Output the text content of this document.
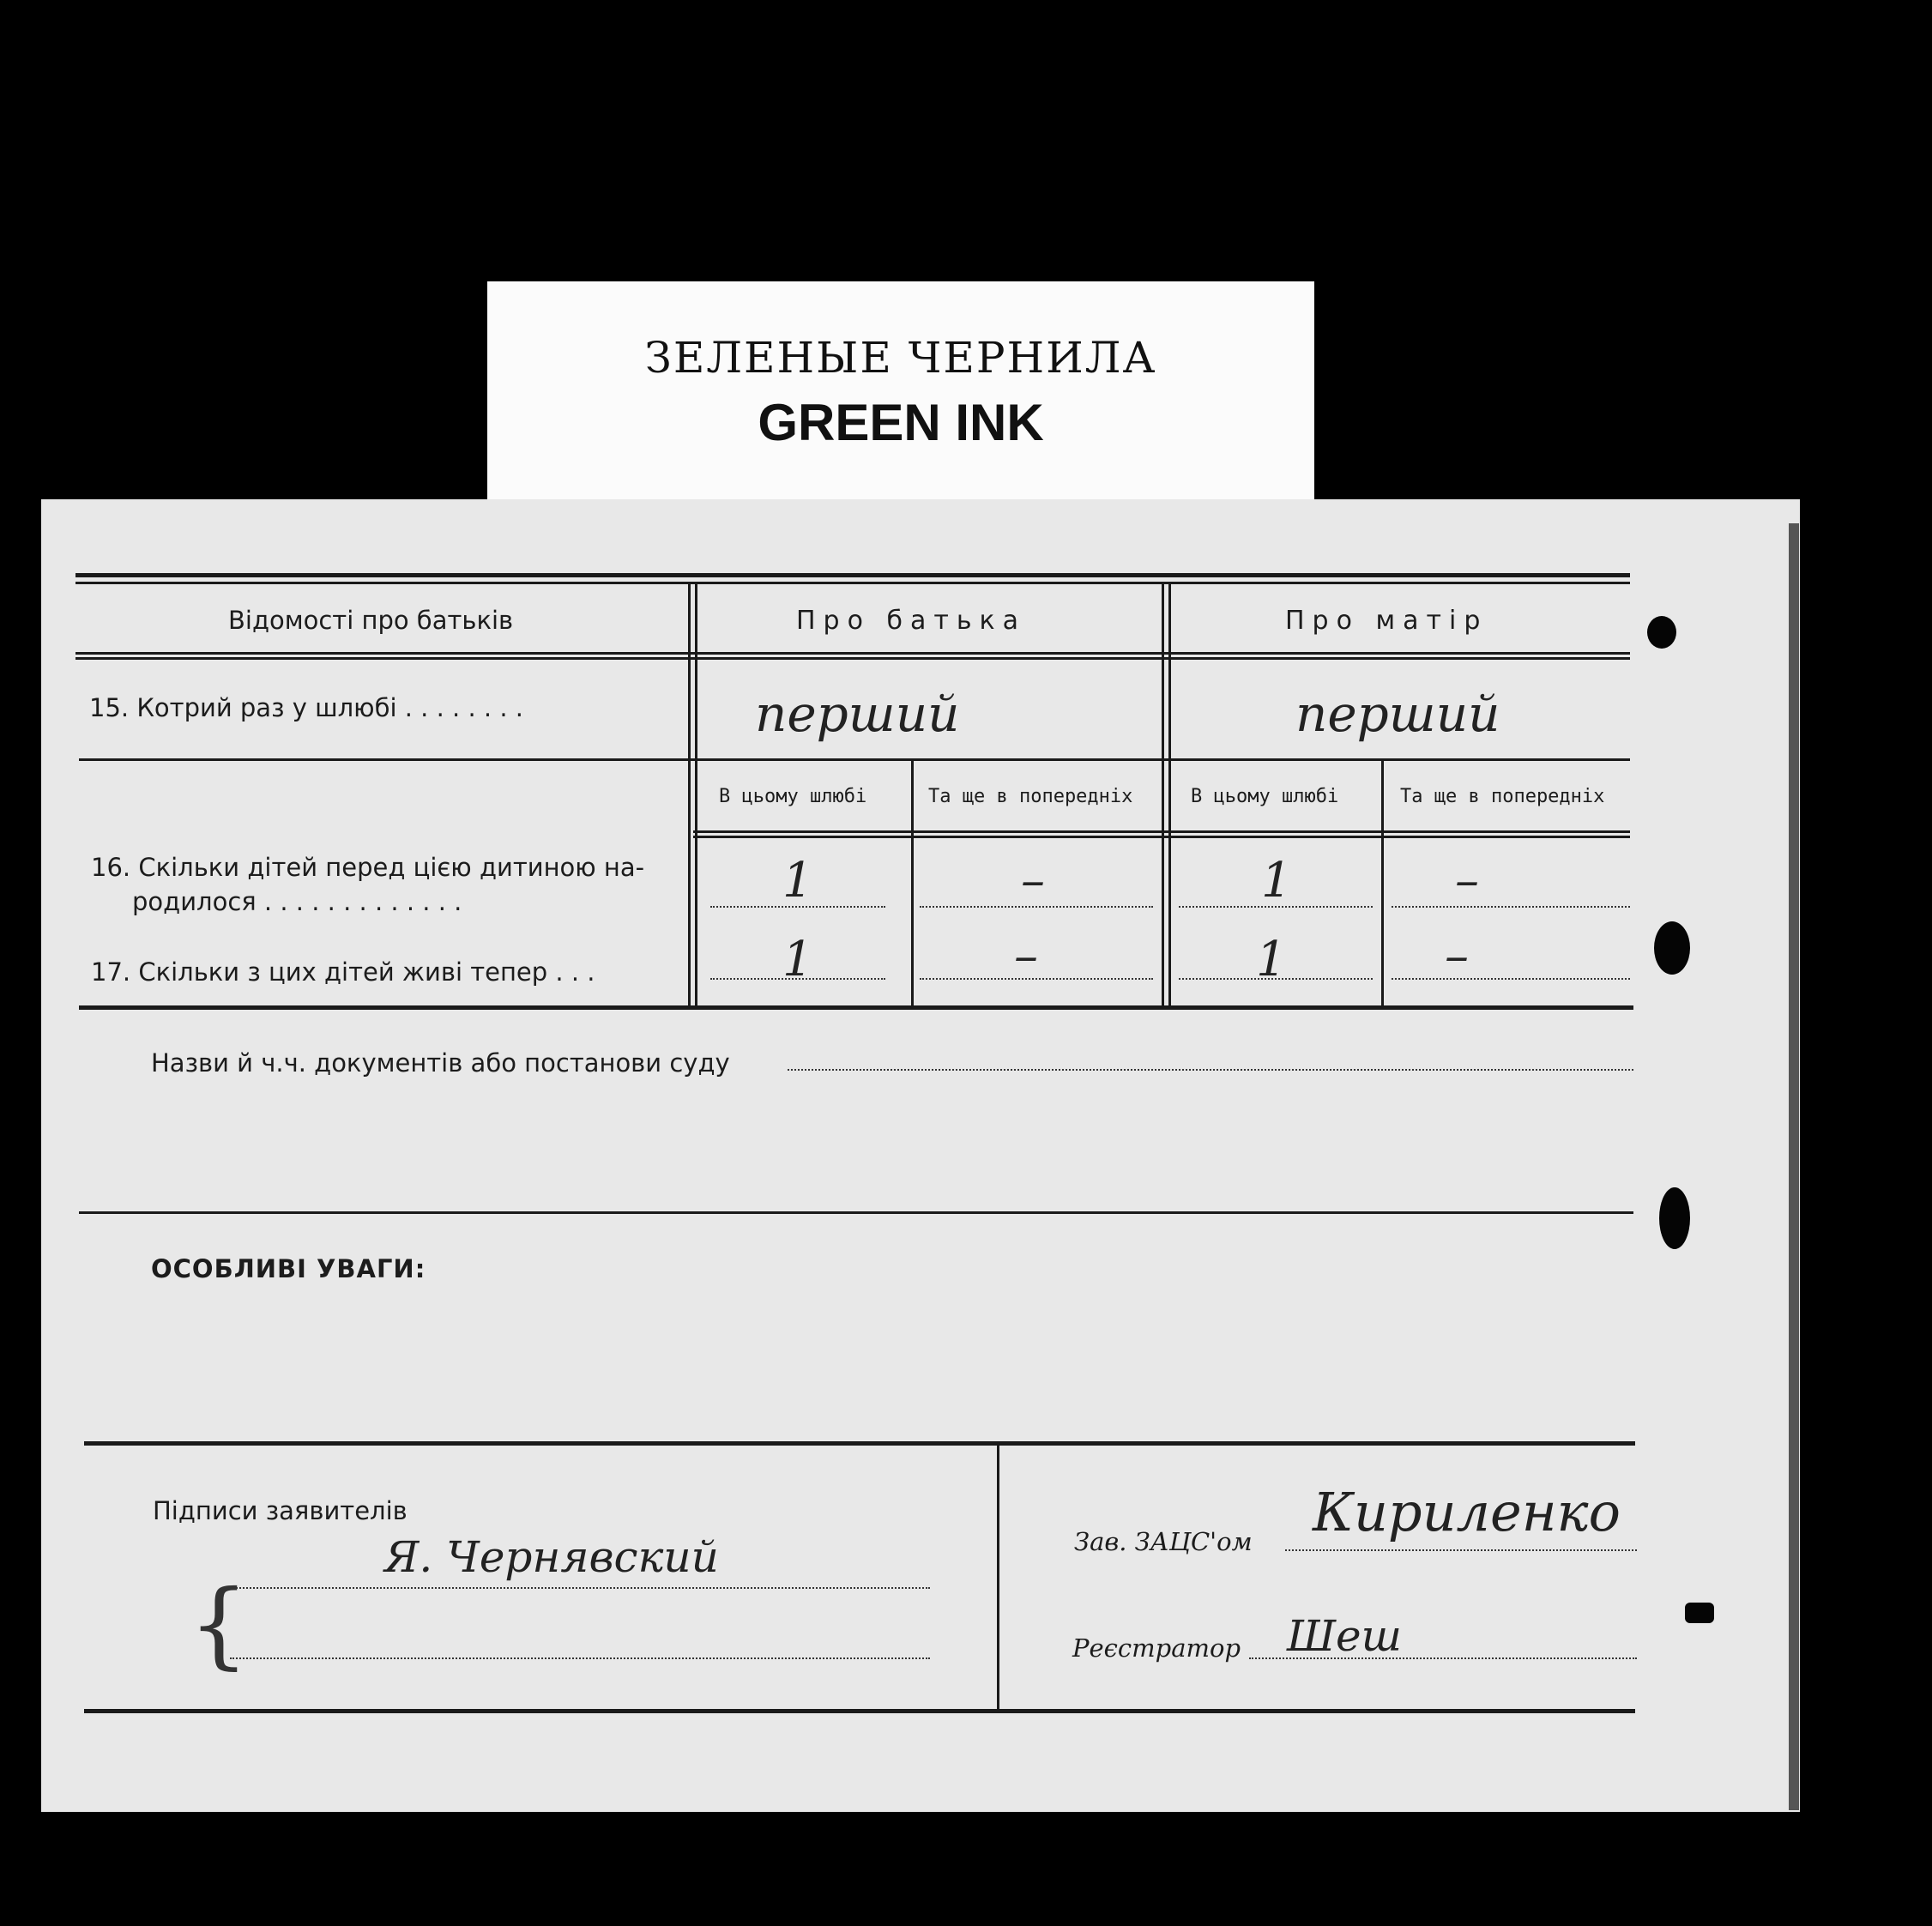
ЗЕЛЕНЫЕ ЧЕРНИЛА
GREEN INK
Відомості про батьків	Про батька	Про матір
15. Котрий раз у шлюбі . . . . . . . .	перший	перший
В цьому шлюбі	Та ще в попередніх	В цьому шлюбі	Та ще в попередніх
16. Скільки дітей перед цією дитиною на-
родилося . . . . . . . . . . . . .	1	–	1	–
17. Скільки з цих дітей живі тепер . . .	1	–	1	–
Назви й ч.ч. документів або постанови суду
ОСОБЛИВІ УВАГИ:
Підписи заявителів
{
Я. Чернявский	Зав. ЗАЦС'ом Кириленко
Реєстратор Шеш
